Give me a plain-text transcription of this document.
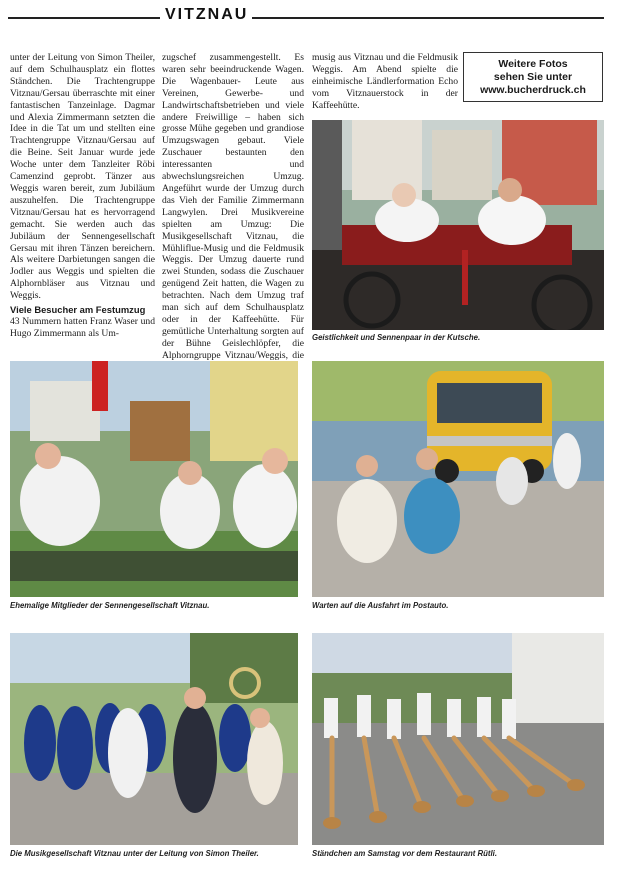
VITZNAU

unter der Leitung von Simon Theiler, auf dem Schulhausplatz ein flottes Ständchen. Die Trachtengruppe Vitznau/Gersau überraschte mit einer fantastischen Tanzeinlage. Dagmar und Alexia Zimmermann setzten die Idee in die Tat um und stellten eine Trachtengruppe Vitznau/Gersau auf die Beine. Seit Januar wurde jede Woche unter dem Tanzleiter Röbi Camenzind geprobt. Tänzer aus Weggis waren bereit, zum Jubiläum auszuhelfen. Die Trachtengruppe Vitznau/Gersau hat es hervorragend gemacht. Sie werden auch das Jubiläum der Sennengesellschaft Gersau mit ihren Tänzen bereichern. Als weitere Darbietungen sangen die Jodler aus Weggis und spielten die Alphornbläser aus Vitznau und Weggis.

Viele Besucher am Festumzug

43 Nummern hatten Franz Waser und Hugo Zimmermann als Um-

zugschef zusammengestellt. Es waren sehr beeindruckende Wagen. Die Wagenbauer- Leute aus Vereinen, Gewerbe- und Landwirtschaftsbetrieben und viele andere Freiwillige – haben sich grosse Mühe gegeben und grandiose Umzugswagen gebaut. Viele Zuschauer bestaunten den interessanten und abwechslungsreichen Umzug. Angeführt wurde der Umzug durch das Vieh der Familie Zimmermann Langwylen. Drei Musikvereine spielten am Umzug: Die Musikgesellschaft Vitznau, die Mühliflue-Musig und die Feldmusik Weggis. Der Umzug dauerte rund zwei Stunden, sodass die Zuschauer genügend Zeit hatten, die Wagen zu betrachten. Nach dem Umzug traf man sich auf dem Schulhausplatz oder in der Kaffeehütte. Für gemütliche Unterhaltung sorgten auf der Bühne Geislechlöpfer, die Alphorngruppe Vitznau/Weggis, die

musig aus Vitznau und die Feldmusik Weggis. Am Abend spielte die einheimische Ländlerformation Echo vom Vitznauerstock in der Kaffeehütte.

Weitere Fotos
sehen Sie unter
www.bucherdruck.ch
Geistlichkeit und Sennenpaar in der Kutsche.
Ehemalige Mitglieder der Sennengesellschaft Vitznau.	Warten auf die Ausfahrt im Postauto.
Die Musikgesellschaft Vitznau unter der Leitung von Simon Theiler.	Ständchen am Samstag vor dem Restaurant Rütli.
